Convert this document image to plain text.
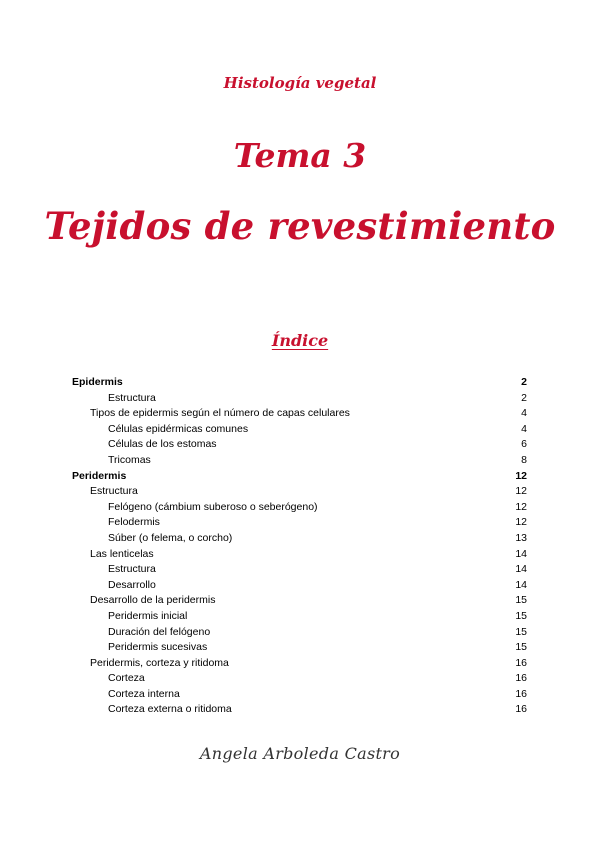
Histología vegetal
Tema 3
Tejidos de revestimiento
Índice
Epidermis	2
Estructura	2
Tipos de epidermis según el número de capas celulares	4
Células epidérmicas comunes	4
Células de los estomas	6
Tricomas	8
Peridermis	12
Estructura	12
Felógeno (cámbium suberoso o seberógeno)	12
Felodermis	12
Súber (o felema, o corcho)	13
Las lenticelas	14
Estructura	14
Desarrollo	14
Desarrollo de la peridermis	15
Peridermis inicial	15
Duración del felógeno	15
Peridermis sucesivas	15
Peridermis, corteza y ritidoma	16
Corteza	16
Corteza interna	16
Corteza externa o ritidoma	16
Angela Arboleda Castro
